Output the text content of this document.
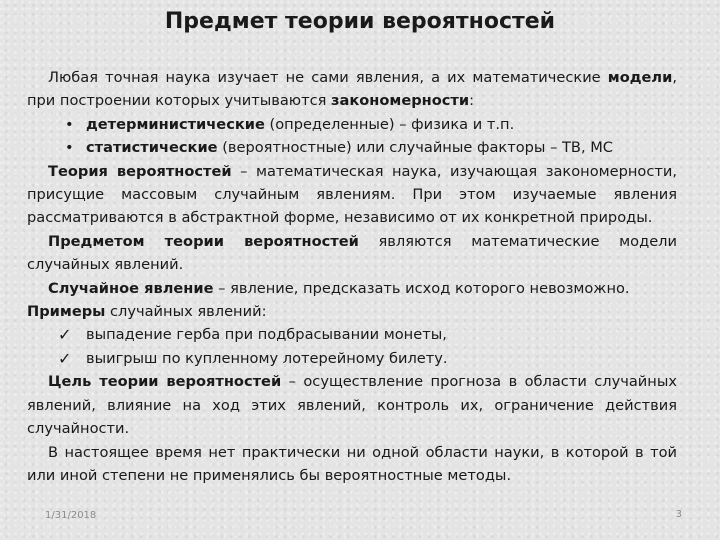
Предмет теории вероятностей

Любая точная наука изучает не сами явления, а их математические модели, при построении которых учитываются закономерности:

• детерминистические (определенные) – физика и т.п.

• статистические (вероятностные) или случайные факторы – ТВ, МС

Теория вероятностей – математическая наука, изучающая закономерности, присущие массовым случайным явлениям. При этом изучаемые явления рассматриваются в абстрактной форме, независимо от их конкретной природы.

Предметом теории вероятностей являются математические модели случайных явлений.

Случайное явление – явление, предсказать исход которого невозможно.

Примеры случайных явлений:

✓ выпадение герба при подбрасывании монеты,

✓ выигрыш по купленному лотерейному билету.

Цель теории вероятностей – осуществление прогноза в области случайных явлений, влияние на ход этих явлений, контроль их, ограничение действия случайности.

В настоящее время нет практически ни одной области науки, в которой в той или иной степени не применялись бы вероятностные методы.

1/31/2018	3
